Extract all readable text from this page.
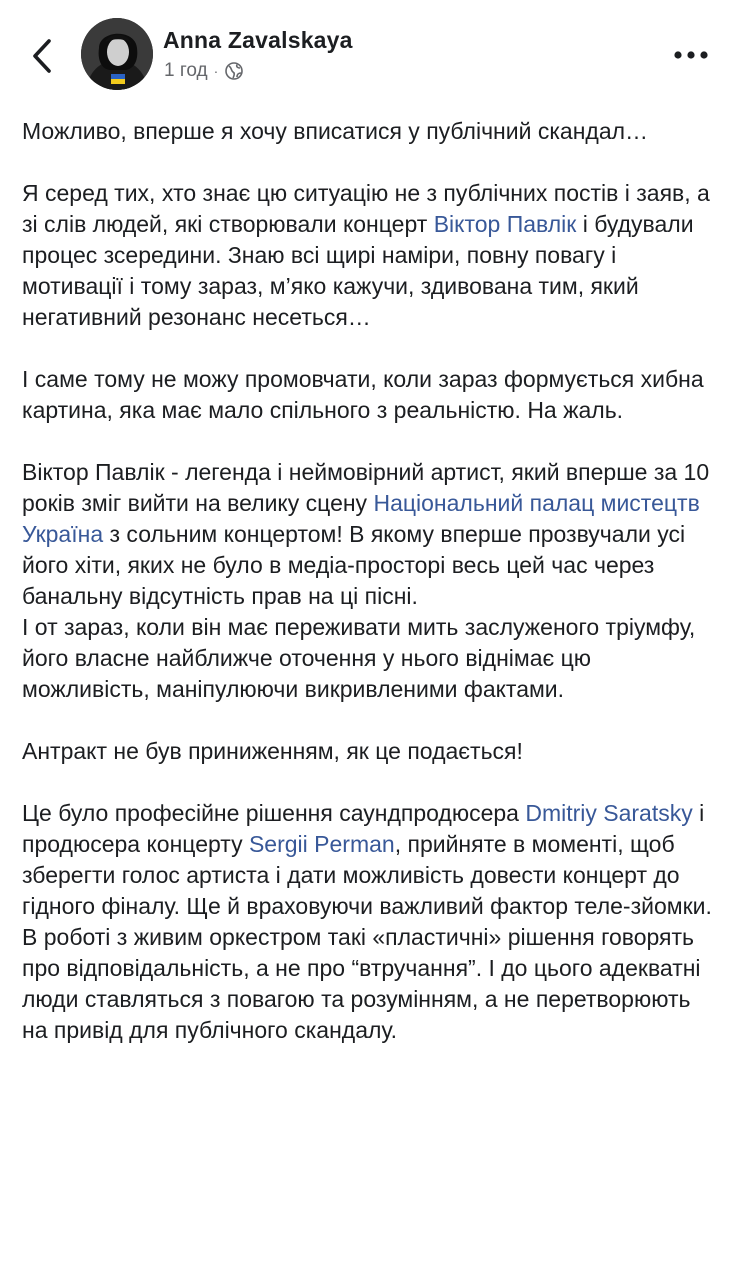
Anna Zavalskaya
1 год ·

Можливо, вперше я хочу вписатися у публічний скандал…

Я серед тих, хто знає цю ситуацію не з публічних постів і заяв, а зі слів людей, які створювали концерт Віктор Павлік і будували процес зсередини. Знаю всі щирі наміри, повну повагу і мотивації і тому зараз, м’яко кажучи, здивована тим, який негативний резонанс несеться…

І саме тому не можу промовчати, коли зараз формується хибна картина, яка має мало спільного з реальністю. На жаль.

Віктор Павлік - легенда і неймовірний артист, який вперше за 10 років зміг вийти на велику сцену Національний палац мистецтв Україна з сольним концертом! В якому вперше прозвучали усі його хіти, яких не було в медіа-просторі весь цей час через банальну відсутність прав на ці пісні.
І от зараз, коли він має переживати мить заслуженого тріумфу, його власне найближче оточення у нього віднімає цю можливість, маніпулюючи викривленими фактами.

Антракт не був приниженням, як це подається!

Це було професійне рішення саундпродюсера Dmitriy Saratsky і продюсера концерту Sergii Perman, прийняте в моменті, щоб зберегти голос артиста і дати можливість довести концерт до гідного фіналу. Ще й враховуючи важливий фактор теле-зйомки.
В роботі з живим оркестром такі «пластичні» рішення говорять про відповідальність, а не про “втручання”. І до цього адекватні люди ставляться з повагою та розумінням, а не перетворюють на привід для публічного скандалу.
